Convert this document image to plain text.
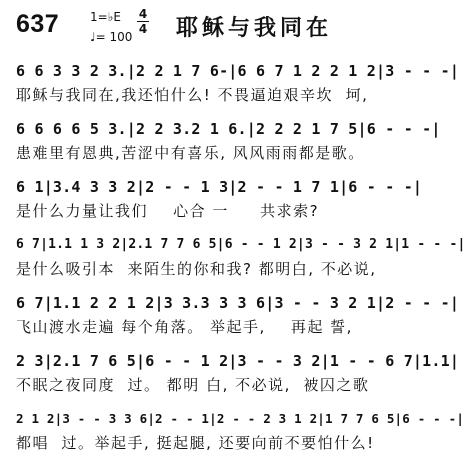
637	1=♭E
♩= 100
4
4 耶稣与我同在
6 6 3 3 2 3.|2 2 1 7 6-|6 6 7 1 2 2 1 2|3 - - -|
耶稣与我同在,我还怕什么! 不畏逼迫艰辛坎  坷,
6 6 6 6 5 3.|2 2 3.2 1 6.|2 2 2 1 7 5|6 - - -|
患难里有恩典,苦涩中有喜乐, 风风雨雨都是歌。
6 1|3.4 3 3 2|2 - - 1 3|2 - - 1 7 1|6 - - -|
是什么力量让我们    心合 一     共求索?
6 7|1.1 1 3 2|2.1 7 7 6 5|6 - - 1 2|3 - - 3 2 1|1 - - -|
是什么吸引本  来陌生的你和我? 都明白, 不必说,
6 7|1.1 2 2 1 2|3 3.3 3 3 6|3 - - 3 2 1|2 - - -|
飞山渡水走遍 每个角落。 举起手,    再起 誓,
2 3|2.1 7 6 5|6 - - 1 2|3 - - 3 2|1 - - 6 7|1.1|
不眠之夜同度  过。 都明 白, 不必说,  被囚之歌
2 1 2|3 - - 3 3 6|2 - - 1|2 - - 2 3 1 2|1 7 7 6 5|6 - - -|
都唱  过。举起手, 挺起腿, 还要向前不要怕什么!
